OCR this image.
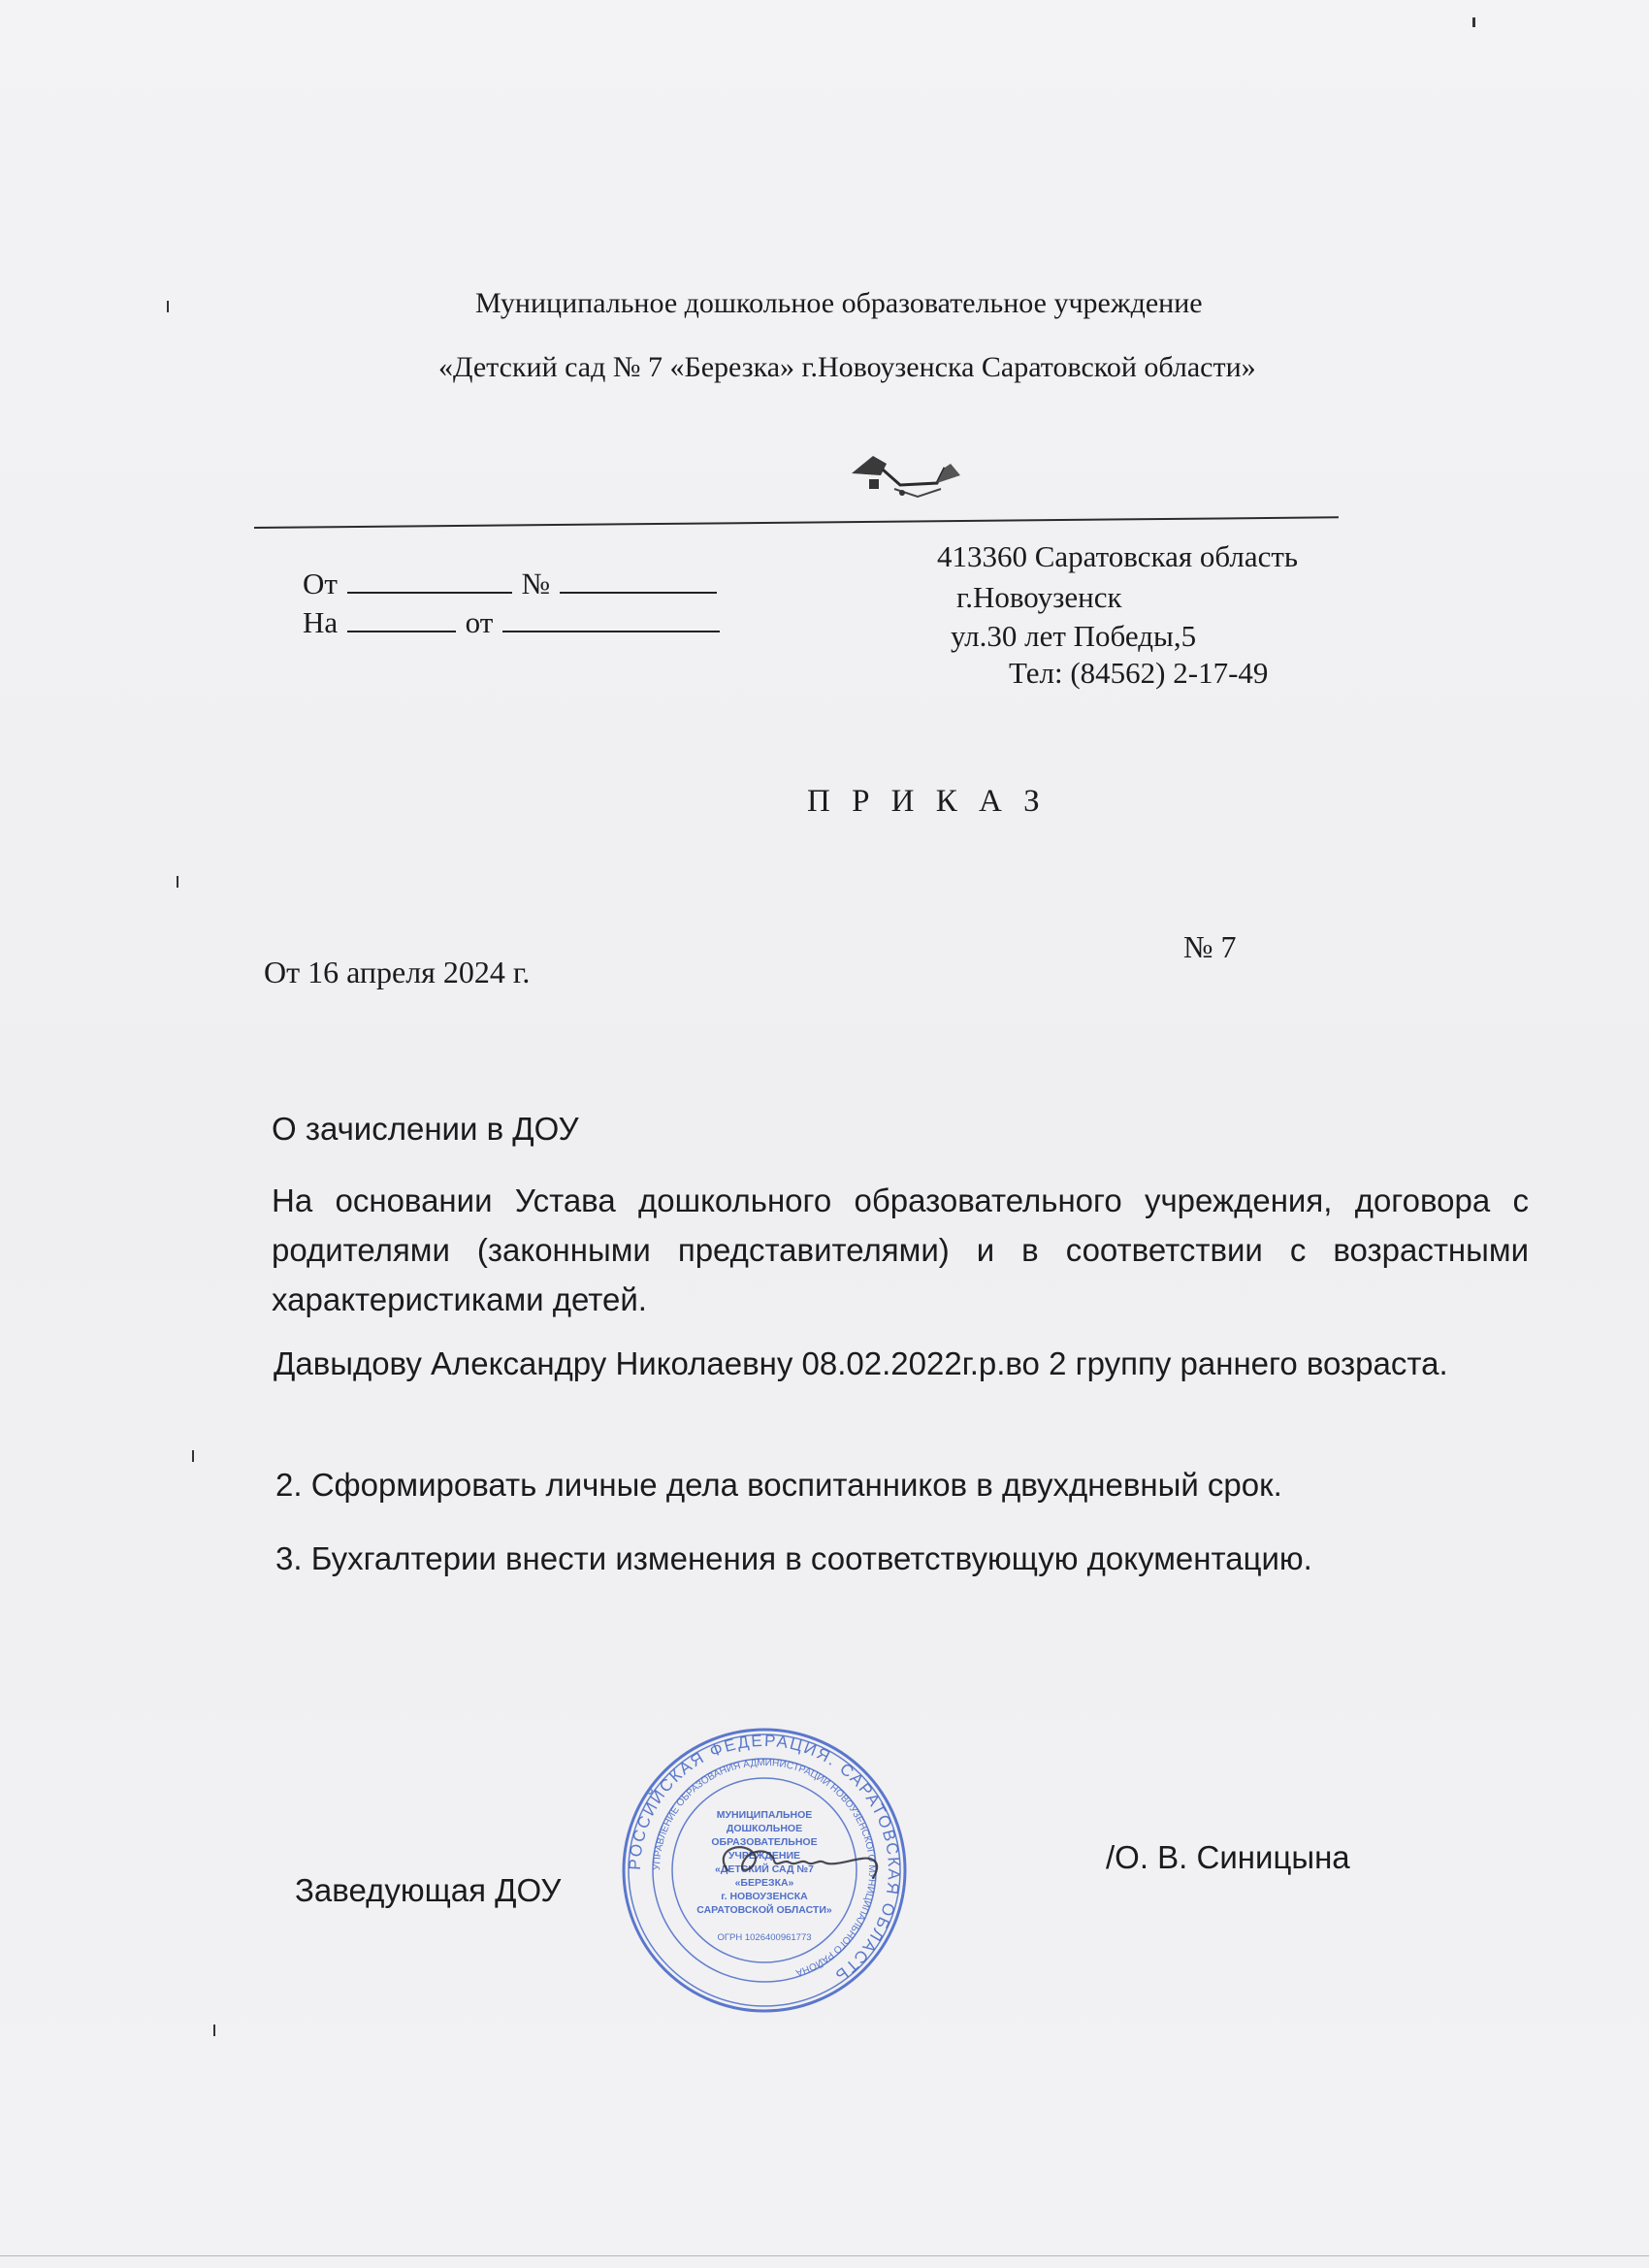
Муниципальное дошкольное образовательное учреждение
«Детский сад № 7 «Березка» г.Новоузенска Саратовской области»
От	№
На	от
413360 Саратовская область
г.Новоузенск
ул.30 лет Победы,5
Тел: (84562) 2-17-49
П Р И К А З
От 16 апреля 2024 г.
№ 7
О зачислении в ДОУ
На основании Устава дошкольного образовательного учреждения, договора с родителями (законными представителями) и в соответствии с возрастными характеристиками детей.
Давыдову Александру Николаевну 08.02.2022г.р.во 2 группу раннего возраста.
2. Сформировать личные дела воспитанников в двухдневный срок.
3. Бухгалтерии внести изменения в соответствующую документацию.
Заведующая ДОУ
/О. В. Синицына
РОССИЙСКАЯ ФЕДЕРАЦИЯ. САРАТОВСКАЯ ОБЛАСТЬ
УПРАВЛЕНИЕ ОБРАЗОВАНИЯ АДМИНИСТРАЦИИ НОВОУЗЕНСКОГО МУНИЦИПАЛЬНОГО РАЙОНА
МУНИЦИПАЛЬНОЕ
ДОШКОЛЬНОЕ
ОБРАЗОВАТЕЛЬНОЕ
УЧРЕЖДЕНИЕ
«ДЕТСКИЙ САД №7
«БЕРЕЗКА»
г. НОВОУЗЕНСКА
САРАТОВСКОЙ ОБЛАСТИ»
ОГРН 1026400961773
